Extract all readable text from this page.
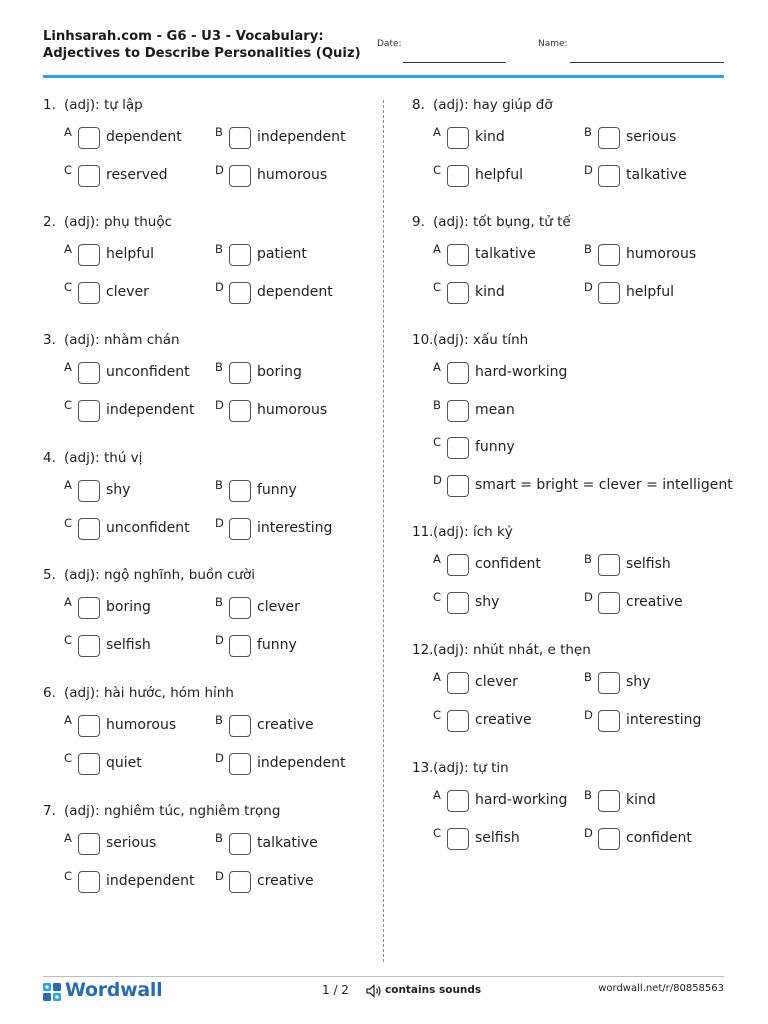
Linhsarah.com - G6 - U3 - Vocabulary:
Adjectives to Describe Personalities (Quiz)
Date:	Name:
1. (adj): tự lập
A dependent	B independent
C reserved	D humorous
2. (adj): phụ thuộc
A helpful	B patient
C clever	D dependent
3. (adj): nhàm chán
A unconfident B boring
C independent D humorous
4. (adj): thú vị
A shy	B funny
C unconfident D interesting
5. (adj): ngộ nghĩnh, buồn cười
A boring	B clever
C selfish	D funny
6. (adj): hài hước, hóm hỉnh
A humorous	B creative
C quiet	D independent
7. (adj): nghiêm túc, nghiêm trọng
A serious	B talkative
C independent D creative
8. (adj): hay giúp đỡ
A kind	B serious
C helpful	D talkative
9. (adj): tốt bụng, tử tế
A talkative	B humorous
C kind	D helpful
10.(adj): xấu tính
A hard-working
B mean
C funny
D smart = bright = clever = intelligent
11.(adj): ích kỷ
A confident	B selfish
C shy	D creative
12.(adj): nhút nhát, e thẹn
A clever	B shy
C creative	D interesting
13.(adj): tự tin
A hard-working B kind
C selfish	D confident
Wordwall	1 / 2	contains sounds	wordwall.net/r/80858563
